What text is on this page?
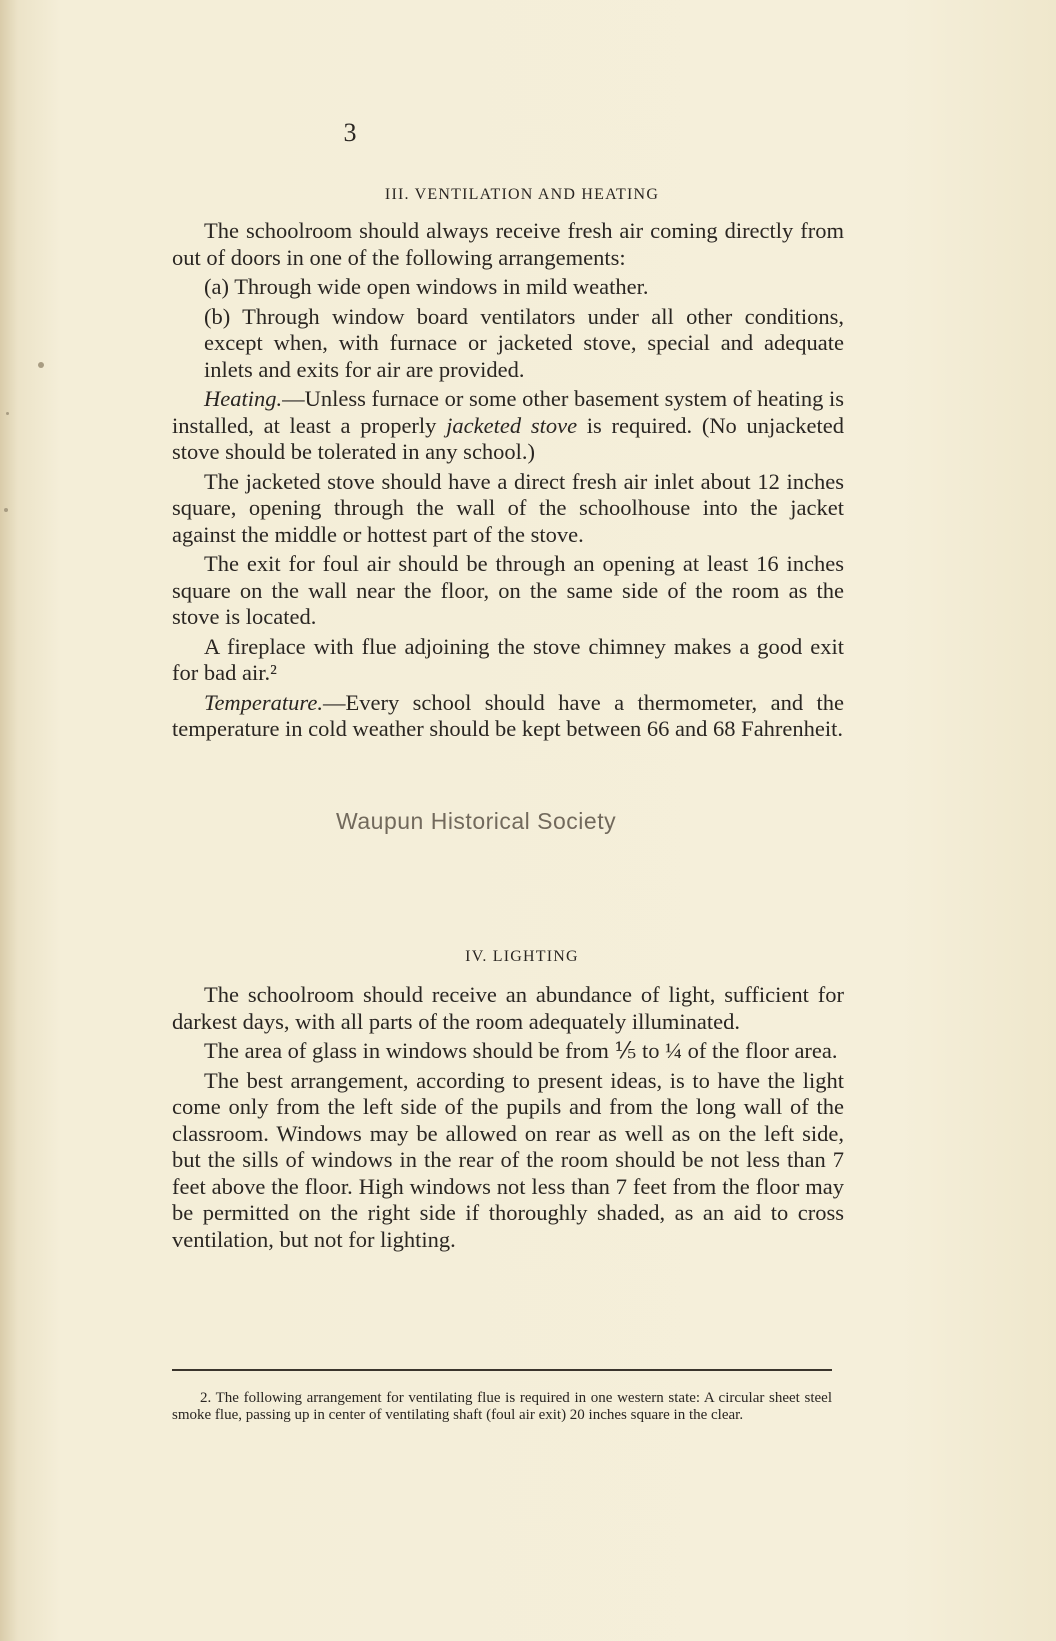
3
III. VENTILATION AND HEATING

The schoolroom should always receive fresh air coming directly from out of doors in one of the following arrangements:

(a) Through wide open windows in mild weather.

(b) Through window board ventilators under all other conditions, except when, with furnace or jacketed stove, special and adequate inlets and exits for air are provided.

Heating.—Unless furnace or some other basement system of heating is installed, at least a properly jacketed stove is required. (No unjacketed stove should be tolerated in any school.)

The jacketed stove should have a direct fresh air inlet about 12 inches square, opening through the wall of the schoolhouse into the jacket against the middle or hottest part of the stove.

The exit for foul air should be through an opening at least 16 inches square on the wall near the floor, on the same side of the room as the stove is located.

A fireplace with flue adjoining the stove chimney makes a good exit for bad air.²

Temperature.—Every school should have a thermometer, and the temperature in cold weather should be kept between 66 and 68 Fahrenheit.

IV. LIGHTING

The schoolroom should receive an abundance of light, sufficient for darkest days, with all parts of the room adequately illuminated.

The area of glass in windows should be from ⅕ to ¼ of the floor area.

The best arrangement, according to present ideas, is to have the light come only from the left side of the pupils and from the long wall of the classroom. Windows may be allowed on rear as well as on the left side, but the sills of windows in the rear of the room should be not less than 7 feet above the floor. High windows not less than 7 feet from the floor may be permitted on the right side if thoroughly shaded, as an aid to cross ventilation, but not for lighting.

2. The following arrangement for ventilating flue is required in one western state: A circular sheet steel smoke flue, passing up in center of ventilating shaft (foul air exit) 20 inches square in the clear.

Waupun Historical Society
